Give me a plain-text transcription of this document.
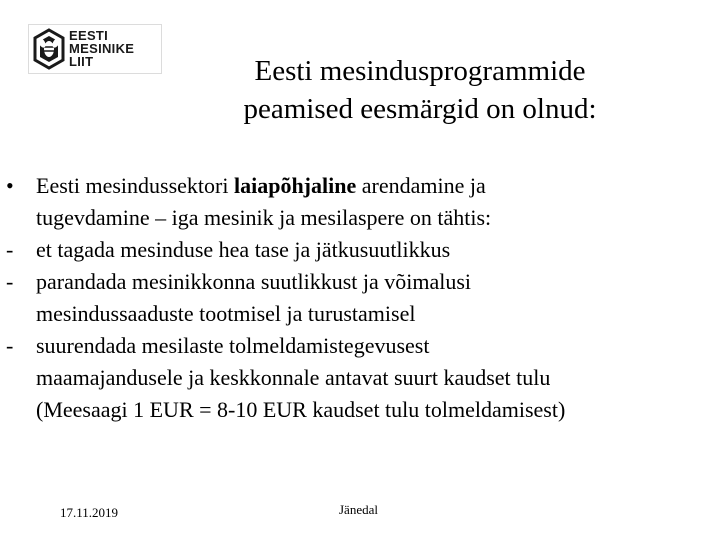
EESTI
MESINIKE
LIIT	Eesti mesindusprogrammide
peamised eesmärgid on olnud:
•	Eesti mesindussektori laiapõhjaline arendamine ja
tugevdamine – iga mesinik ja mesilaspere on tähtis:
-	et tagada mesinduse hea tase ja jätkusuutlikkus
-	parandada mesinikkonna suutlikkust ja võimalusi
mesindussaaduste tootmisel ja turustamisel
-	suurendada mesilaste tolmeldamistegevusest
maamajandusele ja keskkonnale antavat suurt kaudset tulu
(Meesaagi 1 EUR = 8-10 EUR kaudset tulu tolmeldamisest)
17.11.2019	Jänedal
